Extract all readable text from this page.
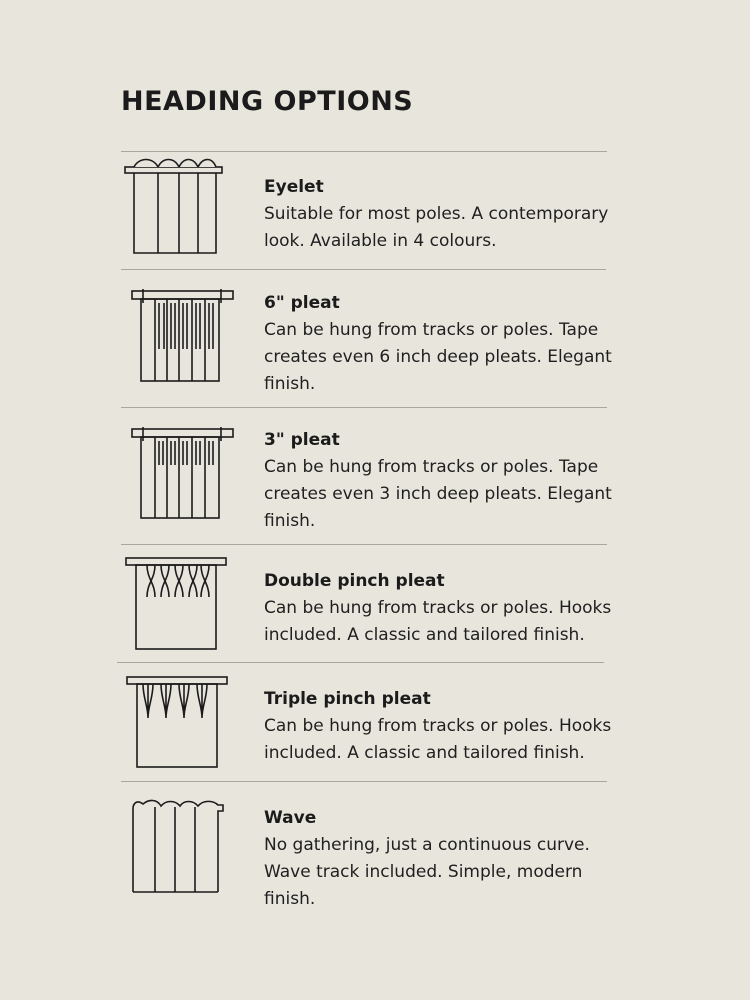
HEADING OPTIONS

Eyelet

Suitable for most poles. A contemporary look. Available in 4 colours.

6" pleat

Can be hung from tracks or poles. Tape creates even 6 inch deep pleats. Elegant finish.

3" pleat

Can be hung from tracks or poles. Tape creates even 3 inch deep pleats. Elegant finish.

Double pinch pleat

Can be hung from tracks or poles. Hooks included. A classic and tailored finish.

Triple pinch pleat

Can be hung from tracks or poles. Hooks included. A classic and tailored finish.

Wave

No gathering, just a continuous curve. Wave track included. Simple, modern finish.
